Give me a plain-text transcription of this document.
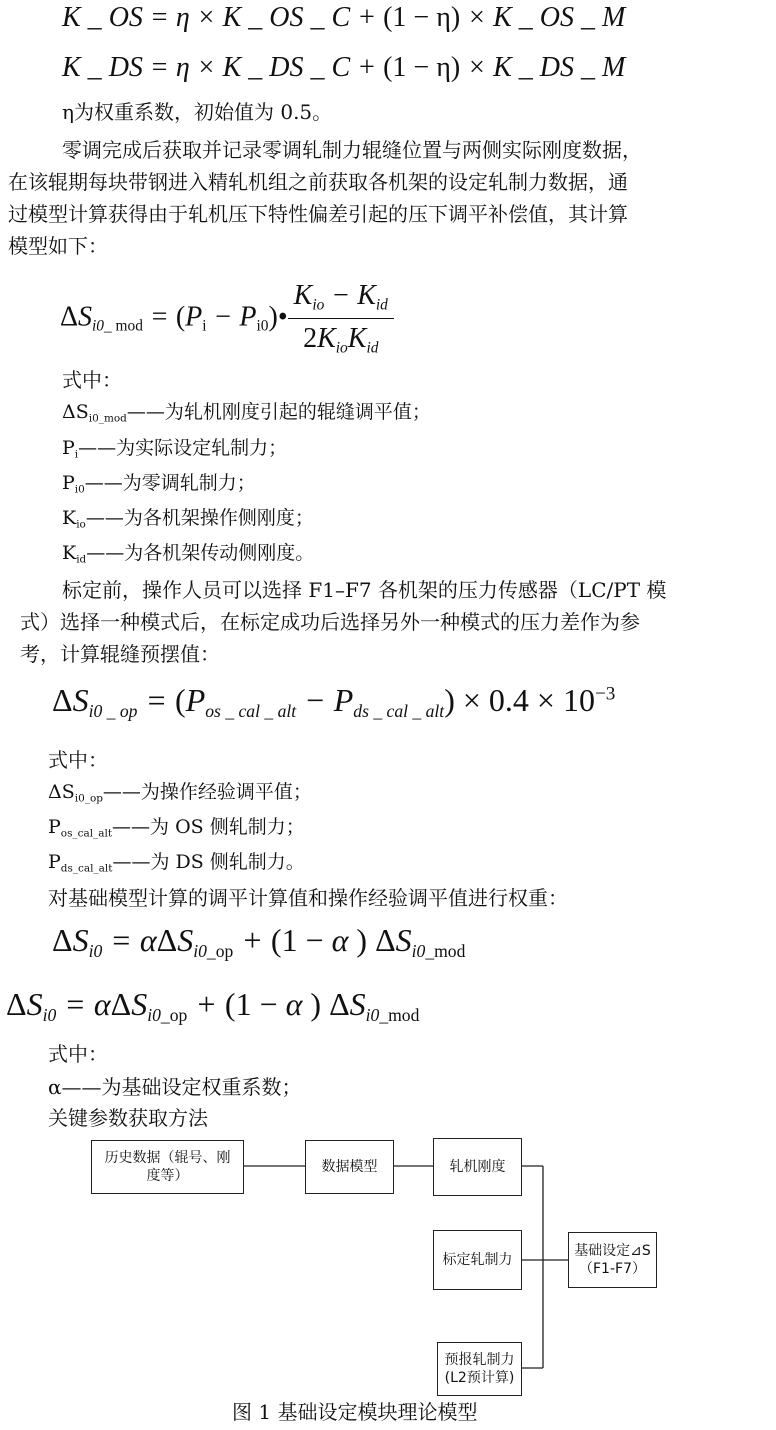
K _ OS = η × K _ OS _ C + (1 − η) × K _ OS _ M
K _ DS = η × K _ DS _ C + (1 − η) × K _ DS _ M
η为权重系数，初始值为 0.5。
零调完成后获取并记录零调轧制力辊缝位置与两侧实际刚度数据，
在该辊期每块带钢进入精轧机组之前获取各机架的设定轧制力数据，通
过模型计算获得由于轧机压下特性偏差引起的压下调平补偿值，其计算
模型如下：
$\Delta S_{i0\_ mod} = (P_i$ − $P_{i0})• \frac{K_{io} - K_{id}}{2K_{io}K_{id}}$
式中：
$\Delta S_{i0\_mod}——$为轧机刚度引起的辊缝调平值；
$P_i——$为实际设定轧制力；
$P_{i0}——$为零调轧制力；
$K_{io}——$为各机架操作侧刚度；
$K_{id}——$为各机架传动侧刚度。
标定前，操作人员可以选择 F1–F7 各机架的压力传感器（LC/PT 模
式）选择一种模式后，在标定成功后选择另外一种模式的压力差作为参
考，计算辊缝预摆值：
$\Delta S_{i0 \_ op} = (P_{os \_ cal \_ alt} - P_{ds \_ cal \_ alt}) \times 0.4 \times 10^{-3}$
式中：
$\Delta S_{i0\_op}——$为操作经验调平值；
$P_{os\_cal\_alt}——$为 OS 侧轧制力；
$P_{ds\_cal\_alt}——$为 DS 侧轧制力。
对基础模型计算的调平计算值和操作经验调平值进行权重：
$\Delta S_{i0} = \alpha\Delta S_{i0\_op} + (1 - \alpha$ ) $\Delta S_{i0\_mod}$
$\Delta S_{i0} = \alpha\Delta S_{i0\_op} + (1 - \alpha$ ) $\Delta S_{i0\_mod}$
式中：
α——为基础设定权重系数；
关键参数获取方法
历史数据（辊号、刚
度等）
数据模型	轧机刚度
标定轧制力
基础设定⊿S
（F1-F7）
预报轧制力
(L2预计算)
图 1 基础设定模块理论模型
